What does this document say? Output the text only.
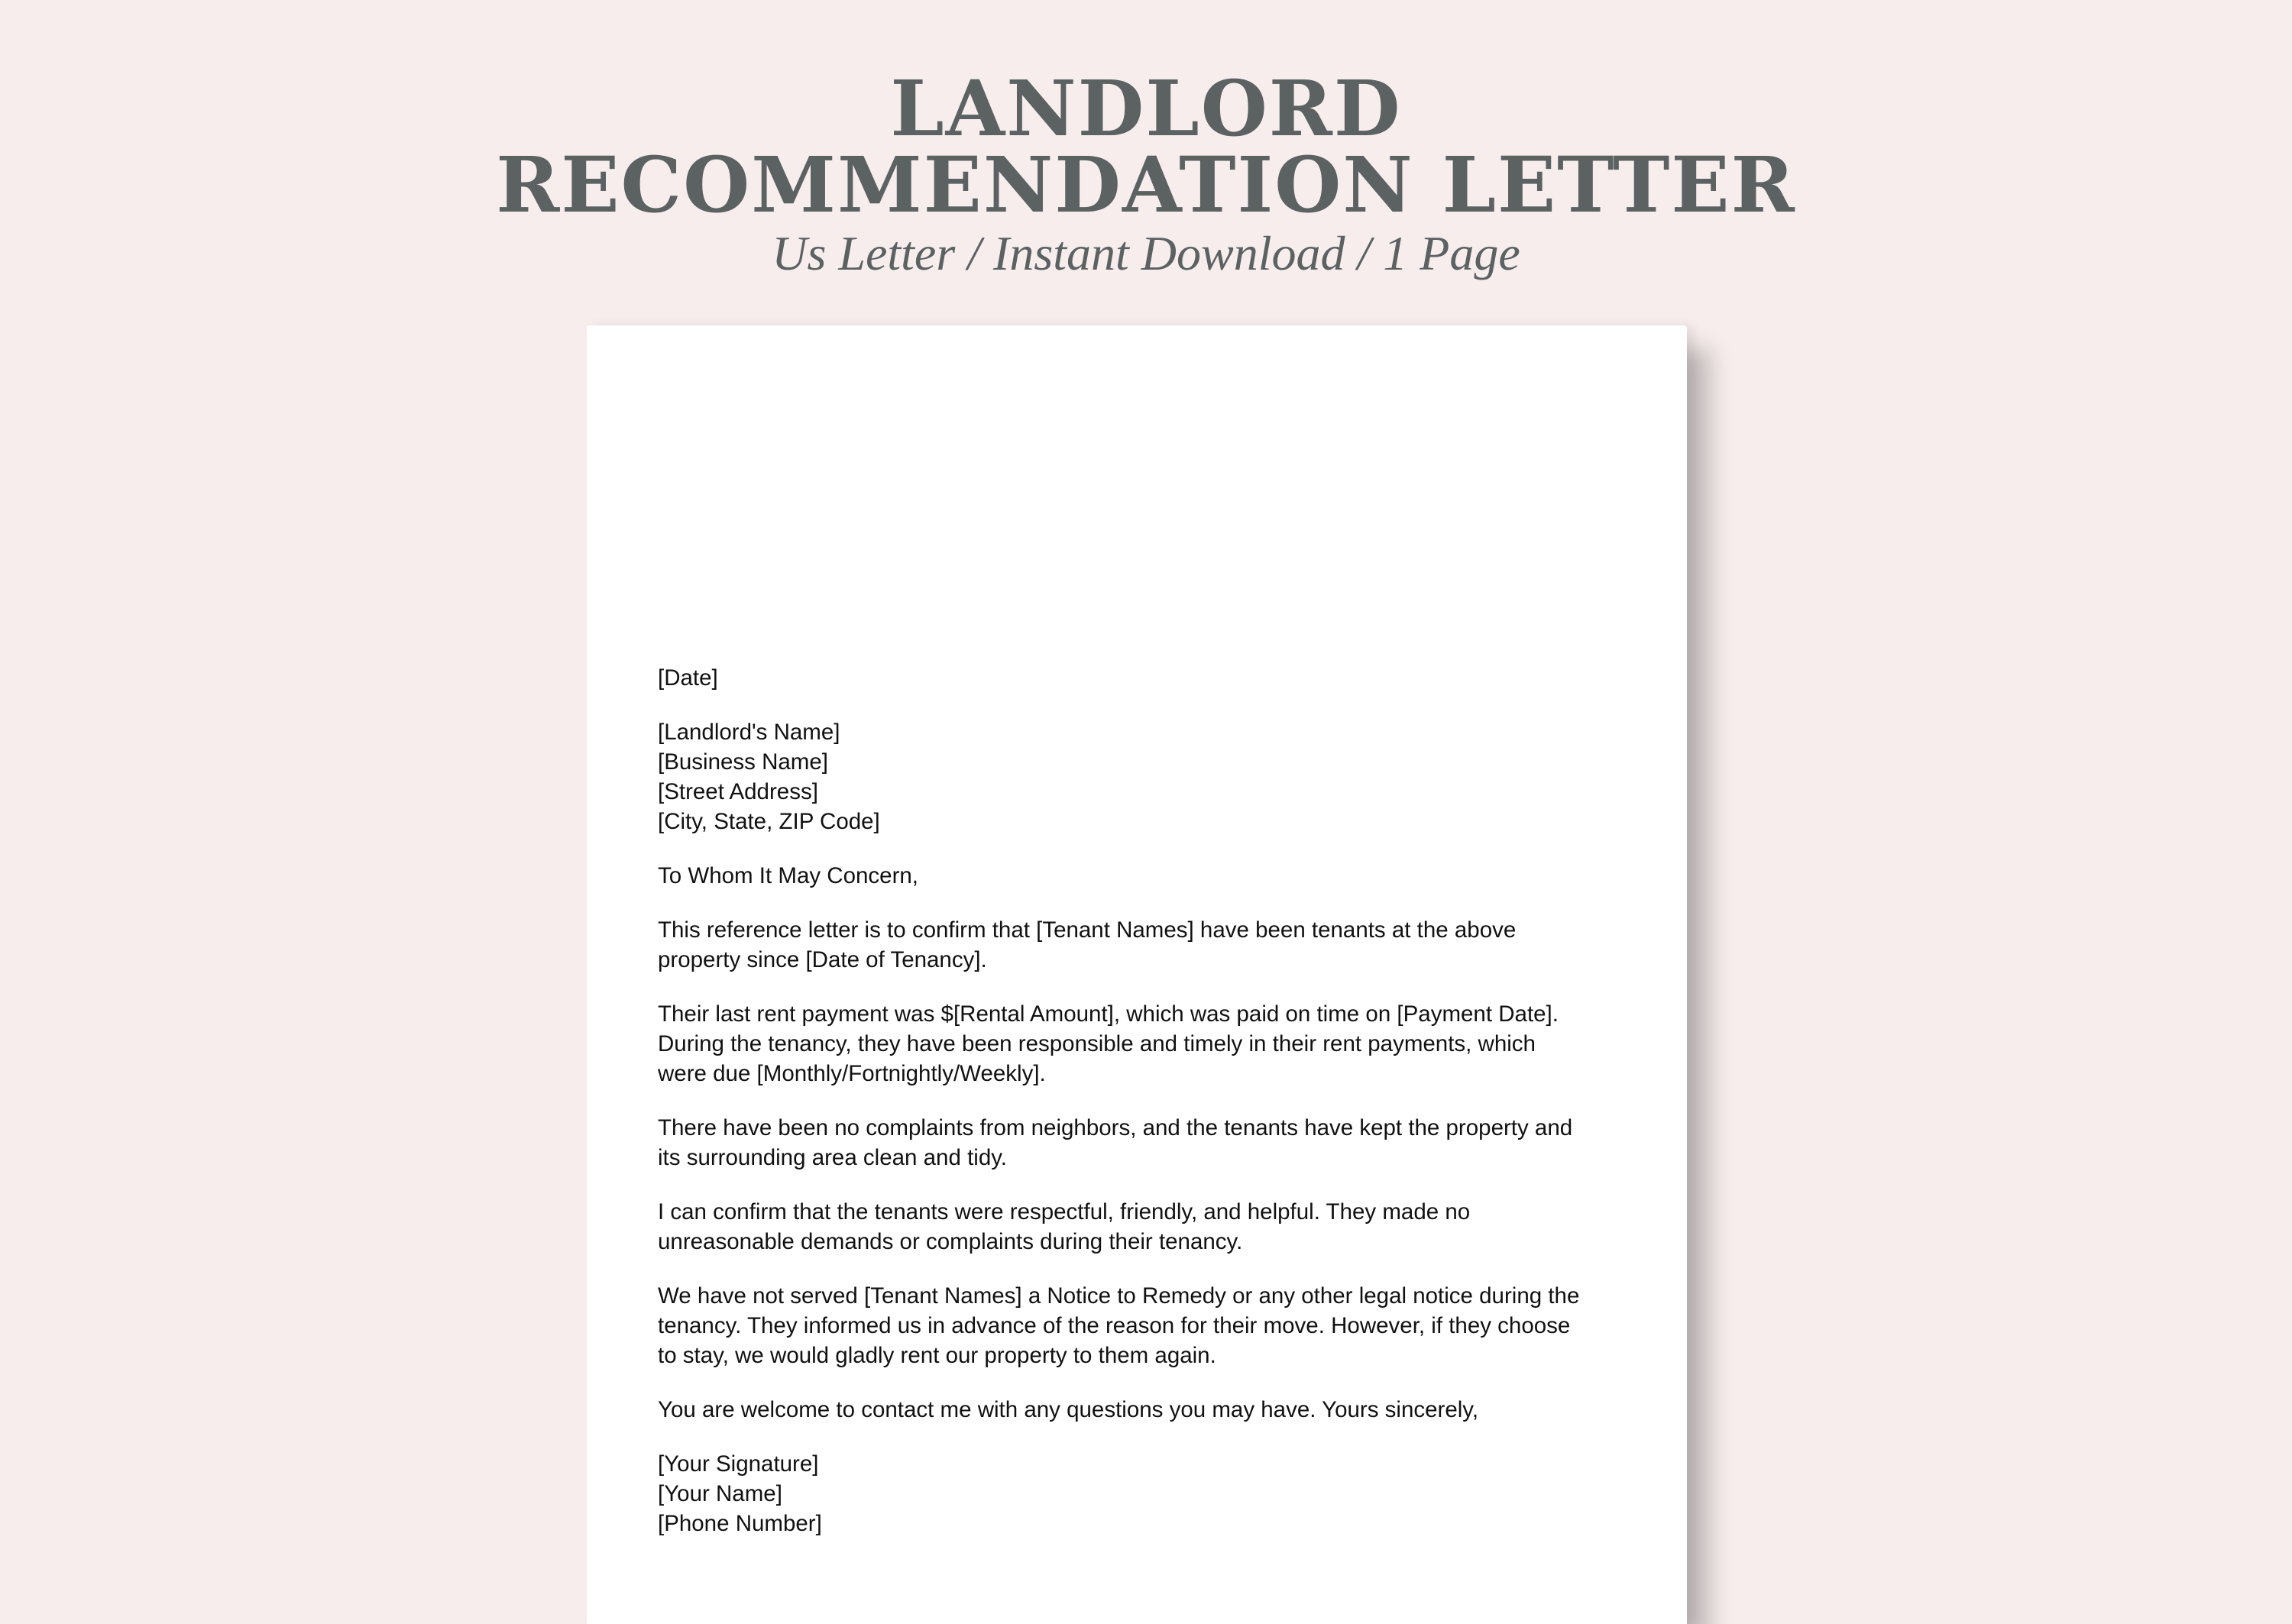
LANDLORD
RECOMMENDATION LETTER
Us Letter / Instant Download / 1 Page
[Date]
[Landlord's Name]
[Business Name]
[Street Address]
[City, State, ZIP Code]
To Whom It May Concern,
This reference letter is to confirm that [Tenant Names] have been tenants at the above
property since [Date of Tenancy].
Their last rent payment was $[Rental Amount], which was paid on time on [Payment Date].
During the tenancy, they have been responsible and timely in their rent payments, which
were due [Monthly/Fortnightly/Weekly].
There have been no complaints from neighbors, and the tenants have kept the property and
its surrounding area clean and tidy.
I can confirm that the tenants were respectful, friendly, and helpful. They made no
unreasonable demands or complaints during their tenancy.
We have not served [Tenant Names] a Notice to Remedy or any other legal notice during the
tenancy. They informed us in advance of the reason for their move. However, if they choose
to stay, we would gladly rent our property to them again.
You are welcome to contact me with any questions you may have. Yours sincerely,
[Your Signature]
[Your Name]
[Phone Number]
